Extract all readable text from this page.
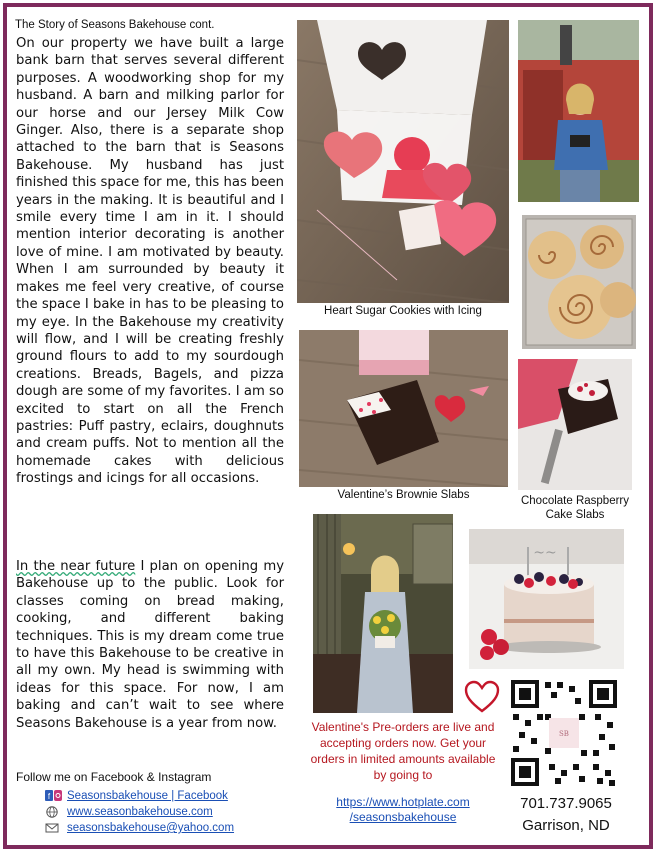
The Story of Seasons Bakehouse cont.
On our property we have built a large bank barn that serves several different purposes. A woodworking shop for my husband. A barn and milking parlor for our horse and our Jersey Milk Cow Ginger. Also, there is a separate shop attached to the barn that is Seasons Bakehouse. My husband has just finished this space for me, this has been years in the making. It is beautiful and I smile every time I am in it. I should mention interior decorating is another love of mine. I am motivated by beauty. When I am surrounded by beauty it makes me feel very creative, of course the space I bake in has to be pleasing to my eye. In the Bakehouse my creativity will flow, and I will be creating freshly ground flours to add to my sourdough creations. Breads, Bagels, and pizza dough are some of my favorites. I am so excited to start on all the French pastries: Puff pastry, eclairs, doughnuts and cream puffs. Not to mention all the homemade cakes with delicious frostings and icings for all occasions.
In the near future I plan on opening my Bakehouse up to the public. Look for classes coming on bread making, cooking, and different baking techniques. This is my dream come true to have this Bakehouse to be creative in all my own. My head is swimming with ideas for this space. For now, I am baking and can’t wait to see where Seasons Bakehouse is a year from now.
Heart Sugar Cookies with Icing
Valentine’s Brownie Slabs	Chocolate Raspberry Cake Slabs
~~
SB
Follow me on Facebook & Instagram
f Seasonsbakehouse | Facebook
www.seasonbakehouse.com
seasonsbakehouse@yahoo.com
Valentine's Pre-orders are live and accepting orders now. Get your orders in limited amounts available by going to
https://www.hotplate.com /seasonsbakehouse
701.737.9065
Garrison, ND
